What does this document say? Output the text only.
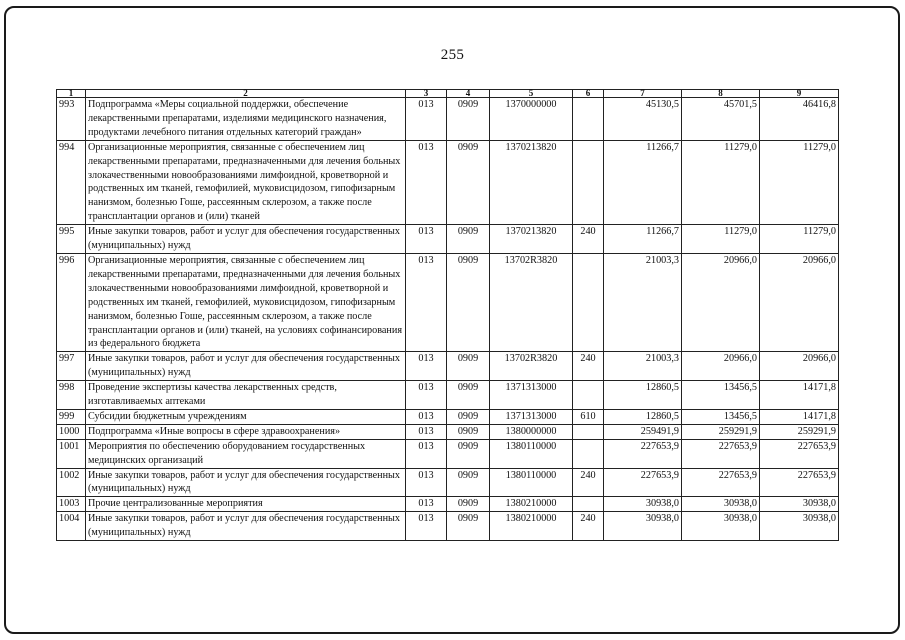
255
1	2	3	4	5	6	7	8	9
993	Подпрограмма «Меры социальной поддержки, обеспечение лекарственными препаратами, изделиями медицинского назначения, продуктами лечебного питания отдельных категорий граждан»	013	0909	1370000000		45130,5	45701,5	46416,8
994	Организационные мероприятия, связанные с обеспечением лиц лекарственными препаратами, предназначенными для лечения больных злокачественными новообразованиями лимфоидной, кроветворной и родственных им тканей, гемофилией, муковисцидозом, гипофизарным нанизмом, болезнью Гоше, рассеянным склерозом, а также после трансплантации органов и (или) тканей	013	0909	1370213820		11266,7	11279,0	11279,0
995	Иные закупки товаров, работ и услуг для обеспечения государственных (муниципальных) нужд	013	0909	1370213820	240	11266,7	11279,0	11279,0
996	Организационные мероприятия, связанные с обеспечением лиц лекарственными препаратами, предназначенными для лечения больных злокачественными новообразованиями лимфоидной, кроветворной и родственных им тканей, гемофилией, муковисцидозом, гипофизарным нанизмом, болезнью Гоше, рассеянным склерозом, а также после трансплантации органов и (или) тканей, на условиях софинансирования из федерального бюджета	013	0909	13702R3820		21003,3	20966,0	20966,0
997	Иные закупки товаров, работ и услуг для обеспечения государственных (муниципальных) нужд	013	0909	13702R3820	240	21003,3	20966,0	20966,0
998	Проведение экспертизы качества лекарственных средств, изготавливаемых аптеками	013	0909	1371313000		12860,5	13456,5	14171,8
999	Субсидии бюджетным учреждениям	013	0909	1371313000	610	12860,5	13456,5	14171,8
1000	Подпрограмма «Иные вопросы в сфере здравоохранения»	013	0909	1380000000		259491,9	259291,9	259291,9
1001	Мероприятия по обеспечению оборудованием государственных медицинских организаций	013	0909	1380110000		227653,9	227653,9	227653,9
1002	Иные закупки товаров, работ и услуг для обеспечения государственных (муниципальных) нужд	013	0909	1380110000	240	227653,9	227653,9	227653,9
1003	Прочие централизованные мероприятия	013	0909	1380210000		30938,0	30938,0	30938,0
1004	Иные закупки товаров, работ и услуг для обеспечения государственных (муниципальных) нужд	013	0909	1380210000	240	30938,0	30938,0	30938,0
